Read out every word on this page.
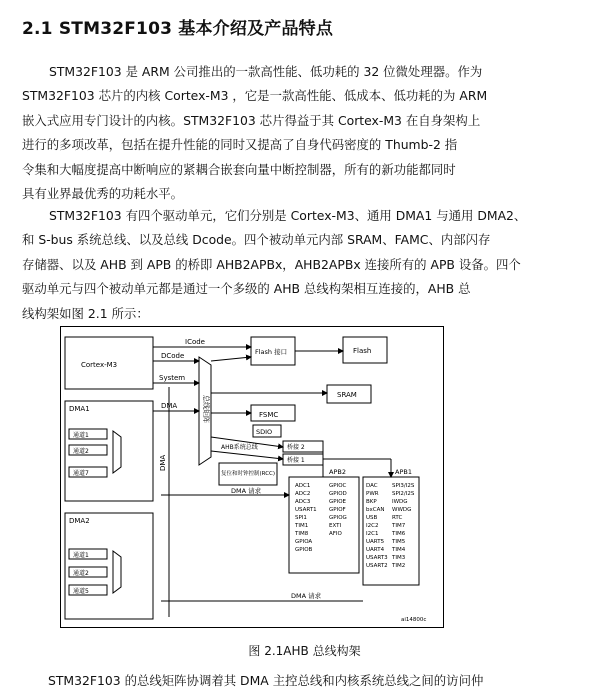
2.1 STM32F103 基本介绍及产品特点
STM32F103 是 ARM 公司推出的一款高性能、低功耗的 32 位微处理器。作为
STM32F103 芯片的内核 Cortex-M3 ，它是一款高性能、低成本、低功耗的为 ARM
嵌入式应用专门设计的内核。STM32F103 芯片得益于其 Cortex-M3 在自身架构上
进行的多项改革，包括在提升性能的同时又提高了自身代码密度的 Thumb-2 指
令集和大幅度提高中断响应的紧耦合嵌套向量中断控制器，所有的新功能都同时
具有业界最优秀的功耗水平。
STM32F103 有四个驱动单元，它们分别是 Cortex-M3、通用 DMA1 与通用 DMA2、
和 S-bus 系统总线、以及总线 Dcode。四个被动单元内部 SRAM、FAMC、内部闪存
存储器、以及 AHB 到 APB 的桥即 AHB2APBx，AHB2APBx 连接所有的 APB 设备。四个
驱动单元与四个被动单元都是通过一个多级的 AHB 总线构架相互连接的，AHB 总
线构架如图 2.1 所示：
Cortex-M3
ICode
DCode
System
DMA	总线矩阵
Flash 接口	Flash
SRAM
FSMC
SDIO
AHB系统总线	桥接 2
桥接 1
APB2	APB1
复位和时钟控制(RCC)
DMA1
DMA2
通道1
通道2
通道7
通道1
通道2
通道5
DMA
DMA 请求
DMA 请求
ADC1
ADC2
ADC3
USART1
SPI1
TIM1
TIM8
GPIOA
GPIOB
GPIOC
GPIOD
GPIOE
GPIOF
GPIOG
EXTI
AFIO
DAC
PWR
BKP
bxCAN
USB
I2C2
I2C1
UART5
UART4
USART3
USART2
SPI3/I2S
SPI2/I2S
IWDG
WWDG
RTC
TIM7
TIM6
TIM5
TIM4
TIM3
TIM2
ai14800c
图 2.1AHB 总线构架
STM32F103 的总线矩阵协调着其 DMA 主控总线和内核系统总线之间的访问仲
